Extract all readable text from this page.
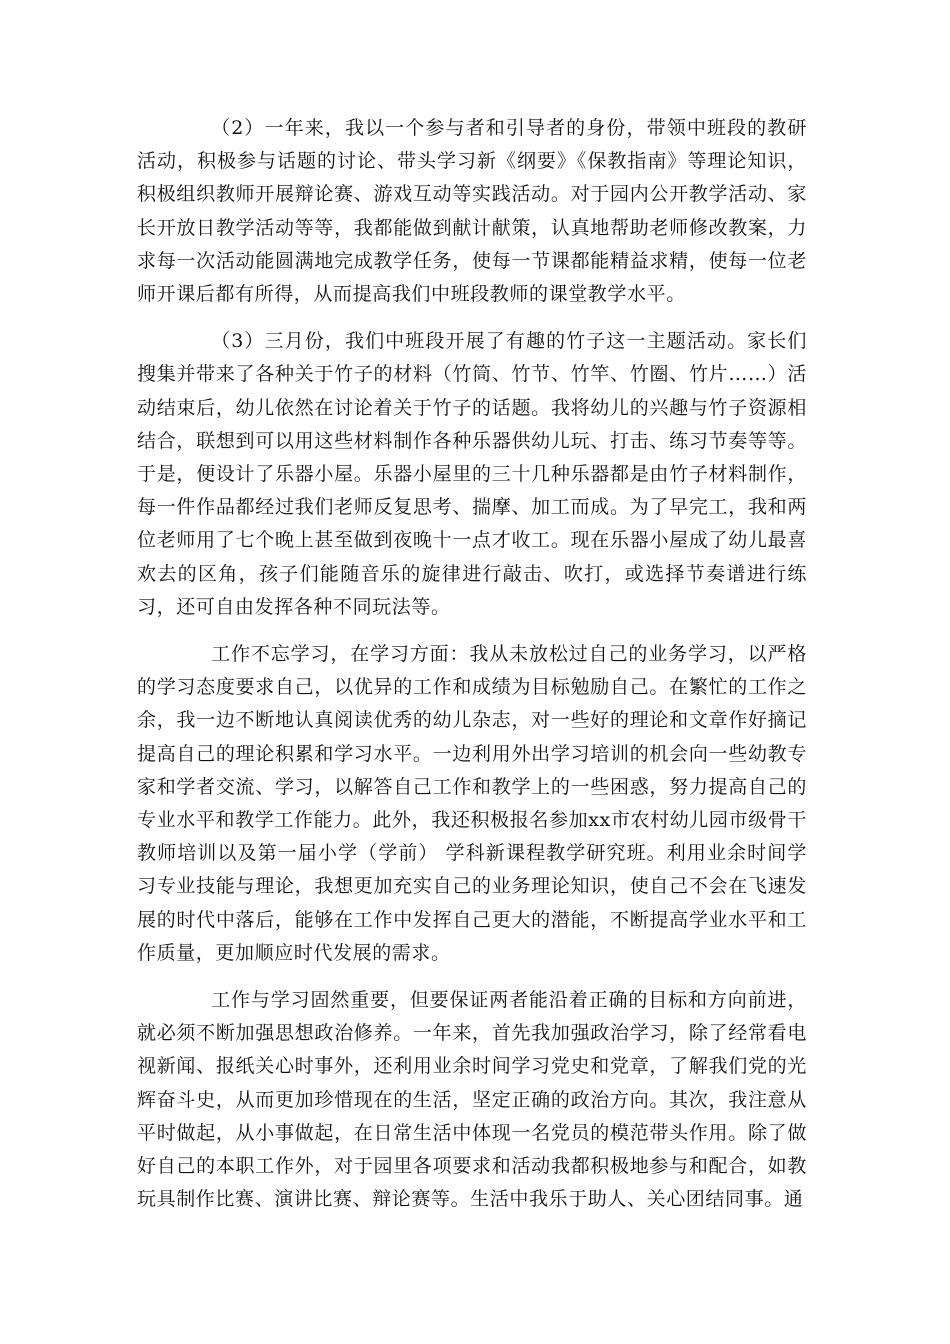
（2）一年来，我以一个参与者和引导者的身份，带领中班段的教研活动，积极参与话题的讨论、带头学习新《纲要》《保教指南》等理论知识，积极组织教师开展辩论赛、游戏互动等实践活动。对于园内公开教学活动、家长开放日教学活动等等，我都能做到献计献策，认真地帮助老师修改教案，力求每一次活动能圆满地完成教学任务，使每一节课都能精益求精，使每一位老师开课后都有所得，从而提高我们中班段教师的课堂教学水平。

（3）三月份，我们中班段开展了有趣的竹子这一主题活动。家长们搜集并带来了各种关于竹子的材料（竹筒、竹节、竹竿、竹圈、竹片……）活动结束后，幼儿依然在讨论着关于竹子的话题。我将幼儿的兴趣与竹子资源相结合，联想到可以用这些材料制作各种乐器供幼儿玩、打击、练习节奏等等。于是，便设计了乐器小屋。乐器小屋里的三十几种乐器都是由竹子材料制作，每一件作品都经过我们老师反复思考、揣摩、加工而成。为了早完工，我和两位老师用了七个晚上甚至做到夜晚十一点才收工。现在乐器小屋成了幼儿最喜欢去的区角，孩子们能随音乐的旋律进行敲击、吹打，或选择节奏谱进行练习，还可自由发挥各种不同玩法等。

工作不忘学习，在学习方面：我从未放松过自己的业务学习，以严格的学习态度要求自己，以优异的工作和成绩为目标勉励自己。在繁忙的工作之余，我一边不断地认真阅读优秀的幼儿杂志，对一些好的理论和文章作好摘记提高自己的理论积累和学习水平。一边利用外出学习培训的机会向一些幼教专家和学者交流、学习，以解答自己工作和教学上的一些困惑，努力提高自己的专业水平和教学工作能力。此外，我还积极报名参加xx市农村幼儿园市级骨干教师培训以及第一届小学（学前） 学科新课程教学研究班。利用业余时间学习专业技能与理论，我想更加充实自己的业务理论知识，使自己不会在飞速发展的时代中落后，能够在工作中发挥自己更大的潜能，不断提高学业水平和工作质量，更加顺应时代发展的需求。

工作与学习固然重要，但要保证两者能沿着正确的目标和方向前进，就必须不断加强思想政治修养。一年来，首先我加强政治学习，除了经常看电视新闻、报纸关心时事外，还利用业余时间学习党史和党章，了解我们党的光辉奋斗史，从而更加珍惜现在的生活，坚定正确的政治方向。其次，我注意从平时做起，从小事做起，在日常生活中体现一名党员的模范带头作用。除了做好自己的本职工作外，对于园里各项要求和活动我都积极地参与和配合，如教玩具制作比赛、演讲比赛、辩论赛等。生活中我乐于助人、关心团结同事。通
